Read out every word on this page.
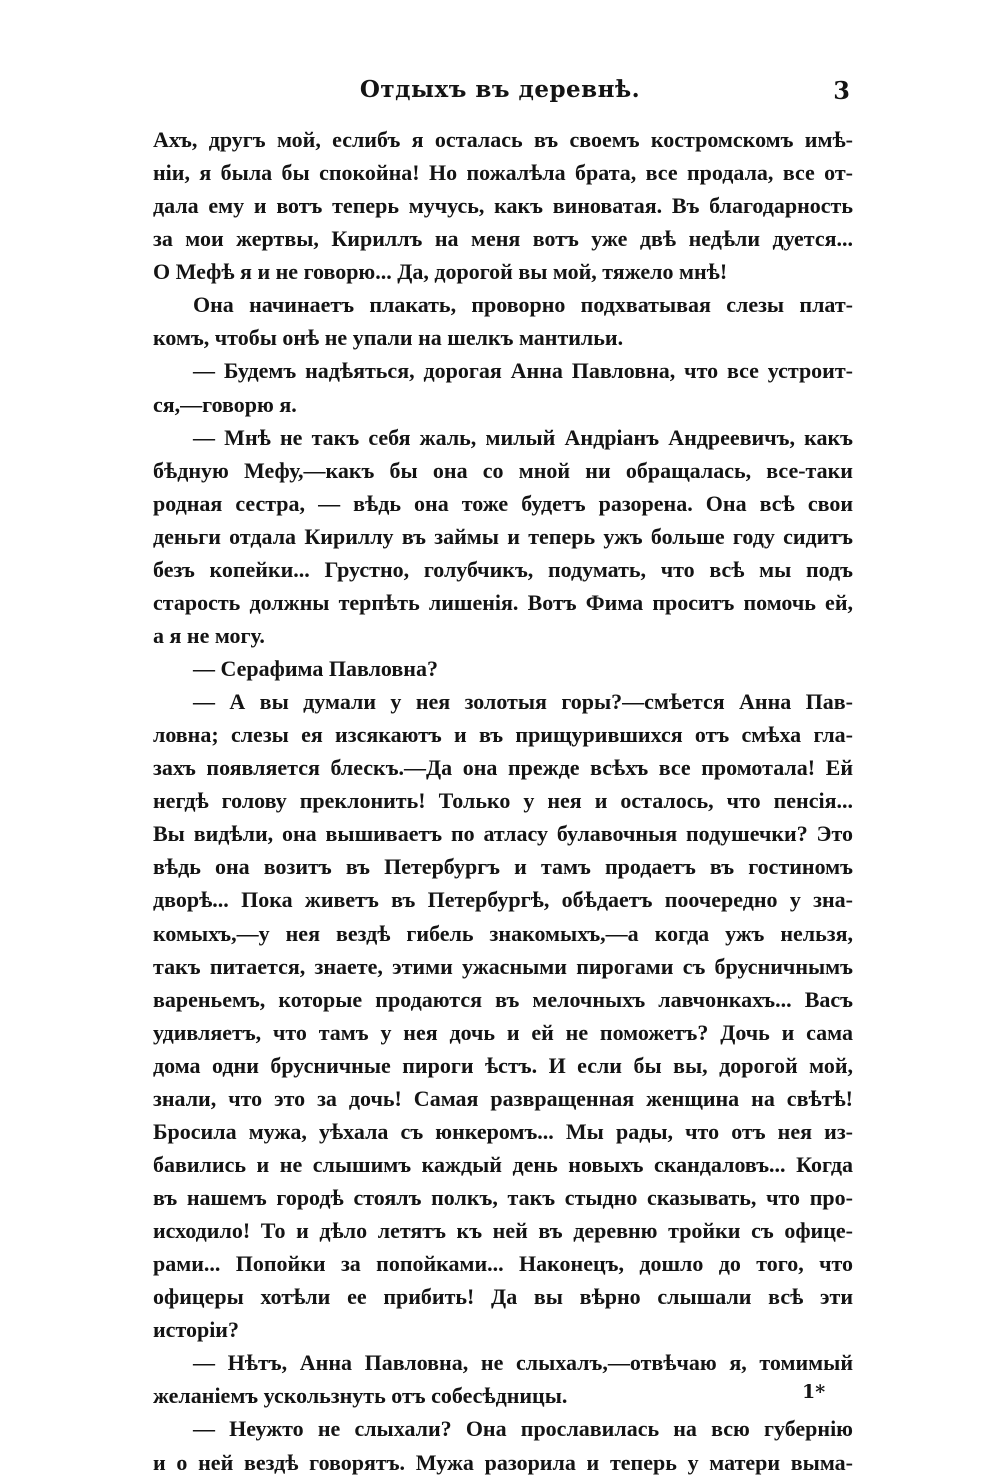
Отдыхъ въ деревнѣ.	3
Ахъ, другъ мой, еслибъ я осталась въ своемъ костромскомъ имѣ-
ніи, я была бы спокойна! Но пожалѣла брата, все продала, все от-
дала ему и вотъ теперь мучусь, какъ виноватая. Въ благодарность
за мои жертвы, Кириллъ на меня вотъ уже двѣ недѣли дуется...
О Мефѣ я и не говорю... Да, дорогой вы мой, тяжело мнѣ!
Она начинаетъ плакать, проворно подхватывая слезы плат-
комъ, чтобы онѣ не упали на шелкъ мантильи.
— Будемъ надѣяться, дорогая Анна Павловна, что все устроит-
ся,—говорю я.
— Мнѣ не такъ себя жаль, милый Андріанъ Андреевичъ, какъ
бѣдную Мефу,—какъ бы она со мной ни обращалась, все-таки
родная сестра, — вѣдь она тоже будетъ разорена. Она всѣ свои
деньги отдала Кириллу въ займы и теперь ужъ больше году сидитъ
безъ копейки... Грустно, голубчикъ, подумать, что всѣ мы подъ
старость должны терпѣть лишенія. Вотъ Фима проситъ помочь ей,
а я не могу.
— Серафима Павловна?
— А вы думали у нея золотыя горы?—смѣется Анна Пав-
ловна; слезы ея изсякаютъ и въ прищурившихся отъ смѣха гла-
захъ появляется блескъ.—Да она прежде всѣхъ все промотала! Ей
негдѣ голову преклонить! Только у нея и осталось, что пенсія...
Вы видѣли, она вышиваетъ по атласу булавочныя подушечки? Это
вѣдь она возитъ въ Петербургъ и тамъ продаетъ въ гостиномъ
дворѣ... Пока живетъ въ Петербургѣ, обѣдаетъ поочередно у зна-
комыхъ,—у нея вездѣ гибель знакомыхъ,—а когда ужъ нельзя,
такъ питается, знаете, этими ужасными пирогами съ брусничнымъ
вареньемъ, которые продаются въ мелочныхъ лавчонкахъ... Васъ
удивляетъ, что тамъ у нея дочь и ей не поможетъ? Дочь и сама
дома одни брусничные пироги ѣстъ. И если бы вы, дорогой мой,
знали, что это за дочь! Самая развращенная женщина на свѣтѣ!
Бросила мужа, уѣхала съ юнкеромъ... Мы рады, что отъ нея из-
бавились и не слышимъ каждый день новыхъ скандаловъ... Когда
въ нашемъ городѣ стоялъ полкъ, такъ стыдно сказывать, что про-
исходило! То и дѣло летятъ къ ней въ деревню тройки съ офице-
рами... Попойки за попойками... Наконецъ, дошло до того, что
офицеры хотѣли ее прибить! Да вы вѣрно слышали всѣ эти
исторіи?
— Нѣтъ, Анна Павловна, не слыхалъ,—отвѣчаю я, томимый
желаніемъ ускользнуть отъ собесѣдницы.
— Неужто не слыхали? Она прославилась на всю губернію
и о ней вездѣ говорятъ. Мужа разорила и теперь у матери выма-
1*
